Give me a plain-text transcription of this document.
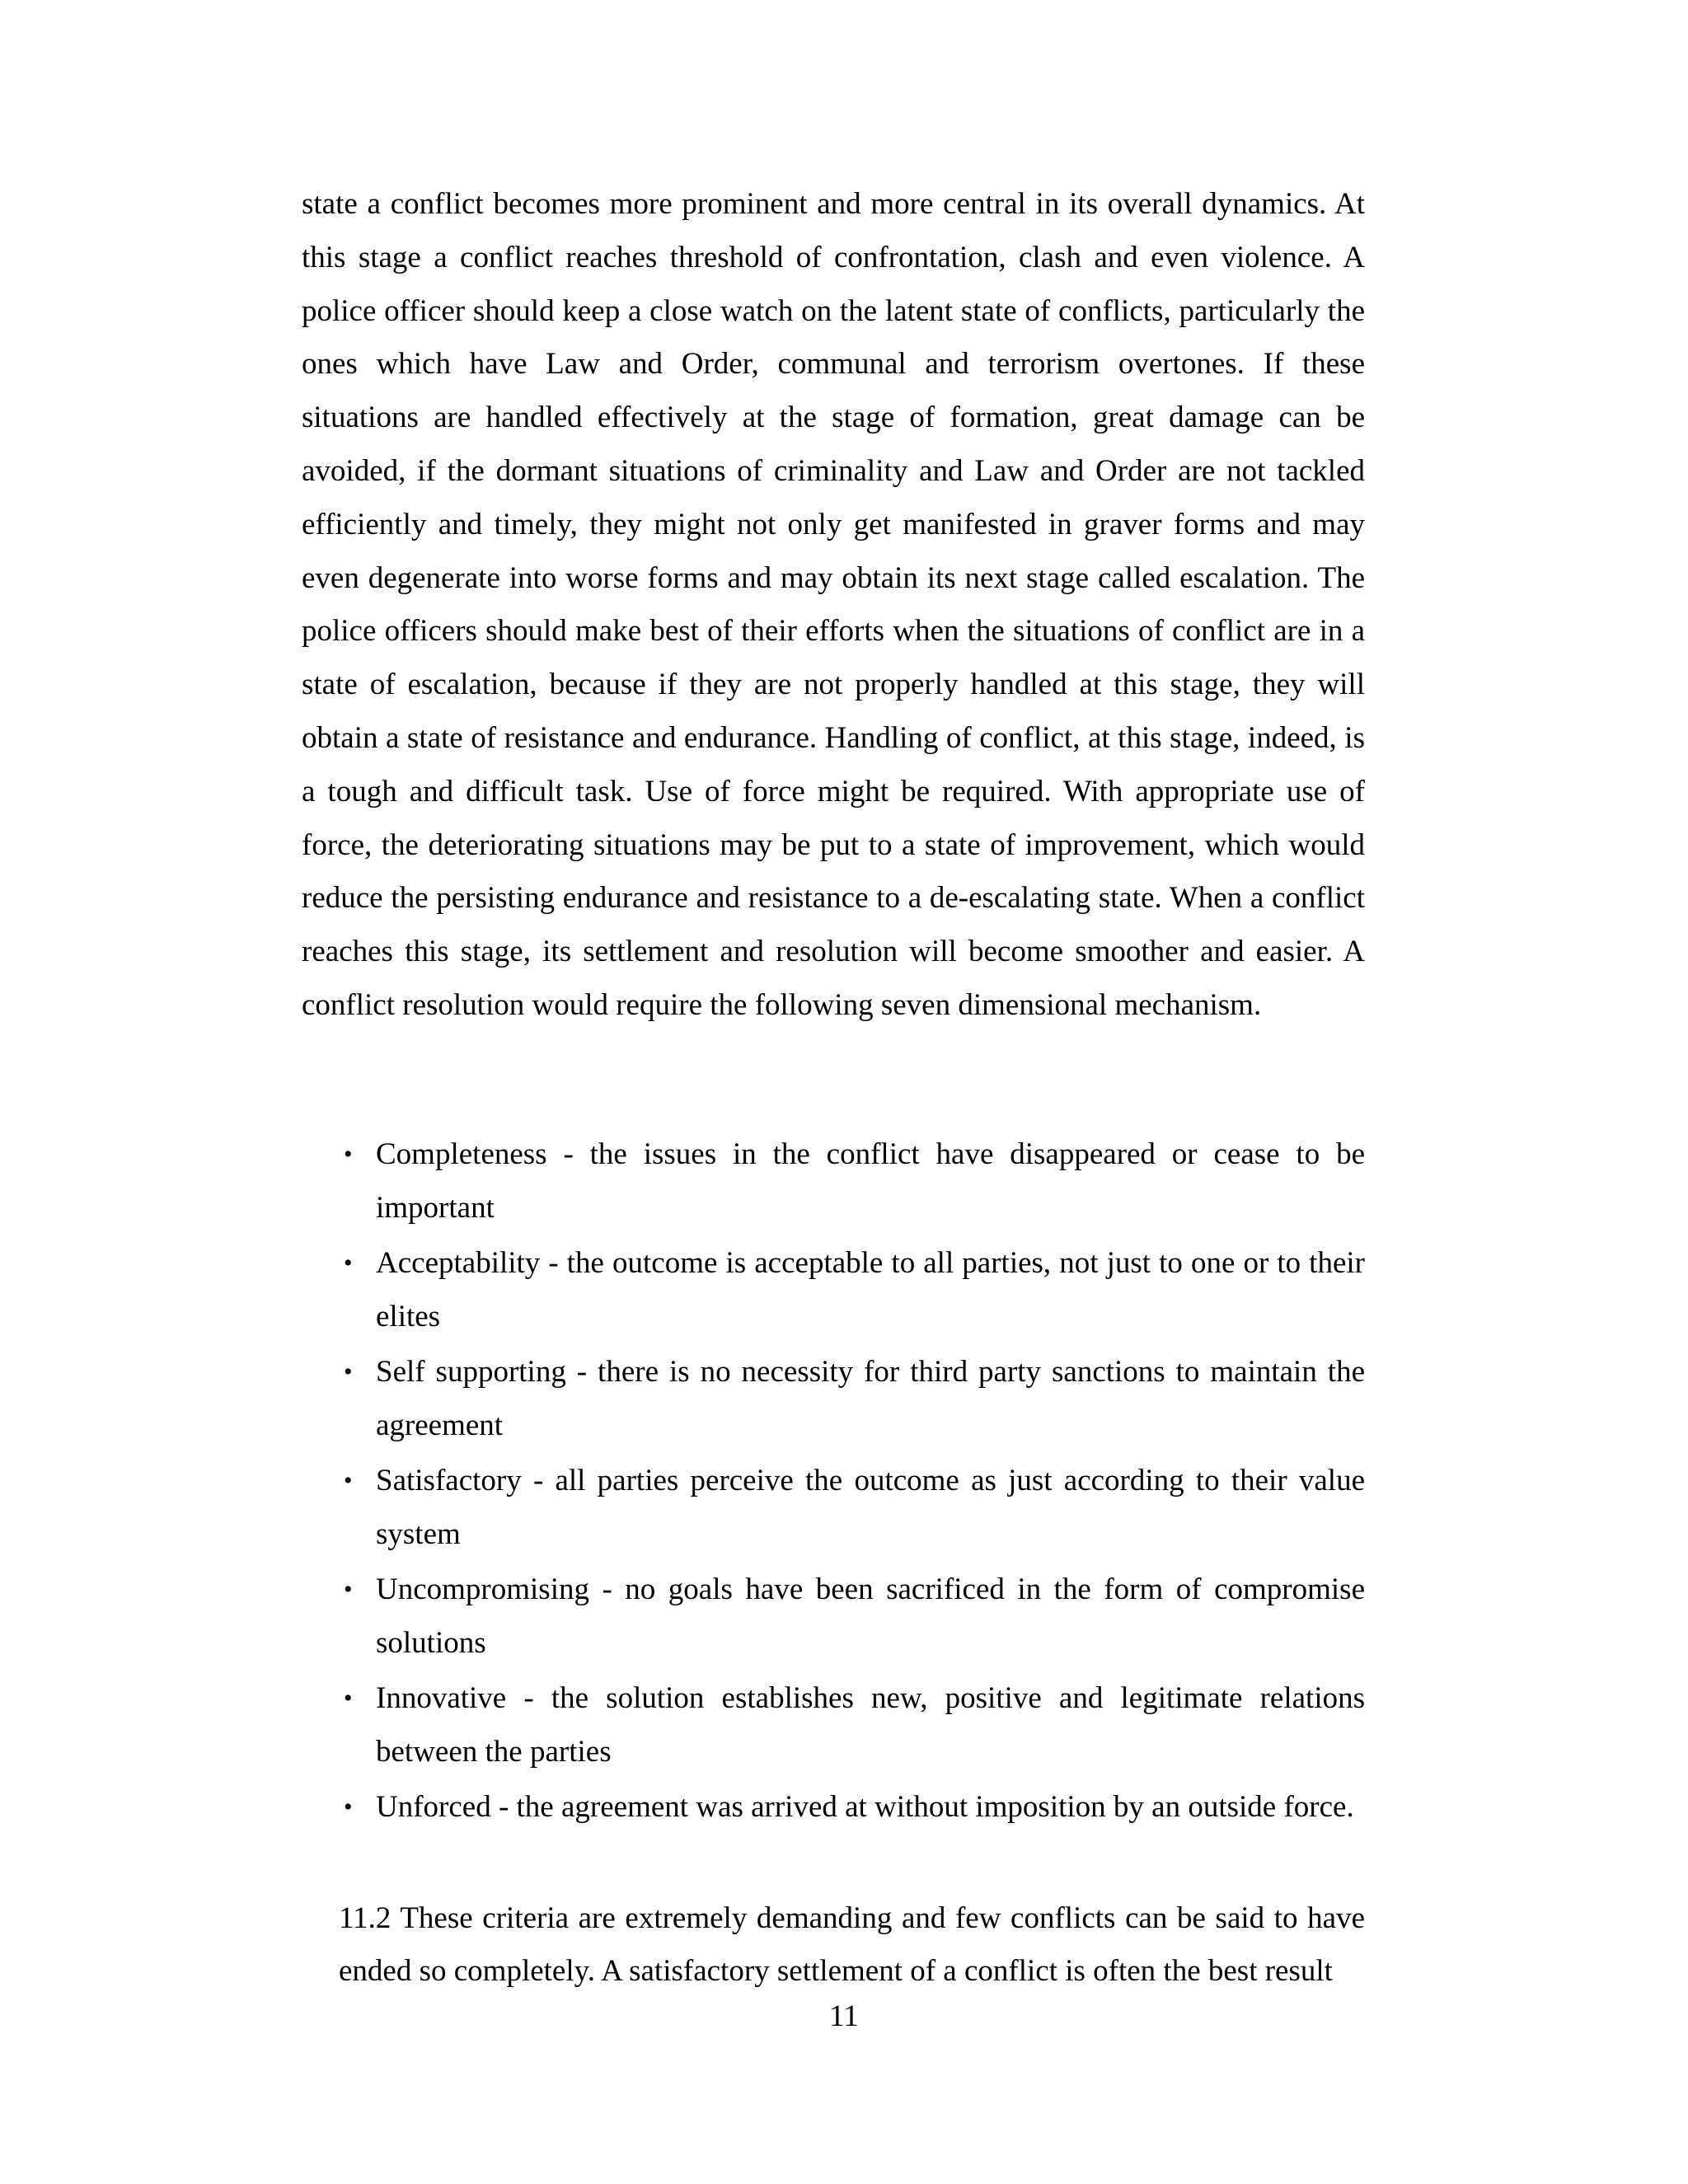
state a conflict becomes more prominent and more central in its overall dynamics. At this stage a conflict reaches threshold of confrontation, clash and even violence. A police officer should keep a close watch on the latent state of conflicts, particularly the ones which have Law and Order, communal and terrorism overtones. If these situations are handled effectively at the stage of formation, great damage can be avoided, if the dormant situations of criminality and Law and Order are not tackled efficiently and timely, they might not only get manifested in graver forms and may even degenerate into worse forms and may obtain its next stage called escalation. The police officers should make best of their efforts when the situations of conflict are in a state of escalation, because if they are not properly handled at this stage, they will obtain a state of resistance and endurance. Handling of conflict, at this stage, indeed, is a tough and difficult task. Use of force might be required. With appropriate use of force, the deteriorating situations may be put to a state of improvement, which would reduce the persisting endurance and resistance to a de-escalating state. When a conflict reaches this stage, its settlement and resolution will become smoother and easier. A conflict resolution would require the following seven dimensional mechanism.

• Completeness - the issues in the conflict have disappeared or cease to be important
• Acceptability - the outcome is acceptable to all parties, not just to one or to their elites
• Self supporting - there is no necessity for third party sanctions to maintain the agreement
• Satisfactory - all parties perceive the outcome as just according to their value system
• Uncompromising - no goals have been sacrificed in the form of compromise solutions
• Innovative - the solution establishes new, positive and legitimate relations between the parties
• Unforced - the agreement was arrived at without imposition by an outside force.

11.2 These criteria are extremely demanding and few conflicts can be said to have ended so completely. A satisfactory settlement of a conflict is often the best result

11
